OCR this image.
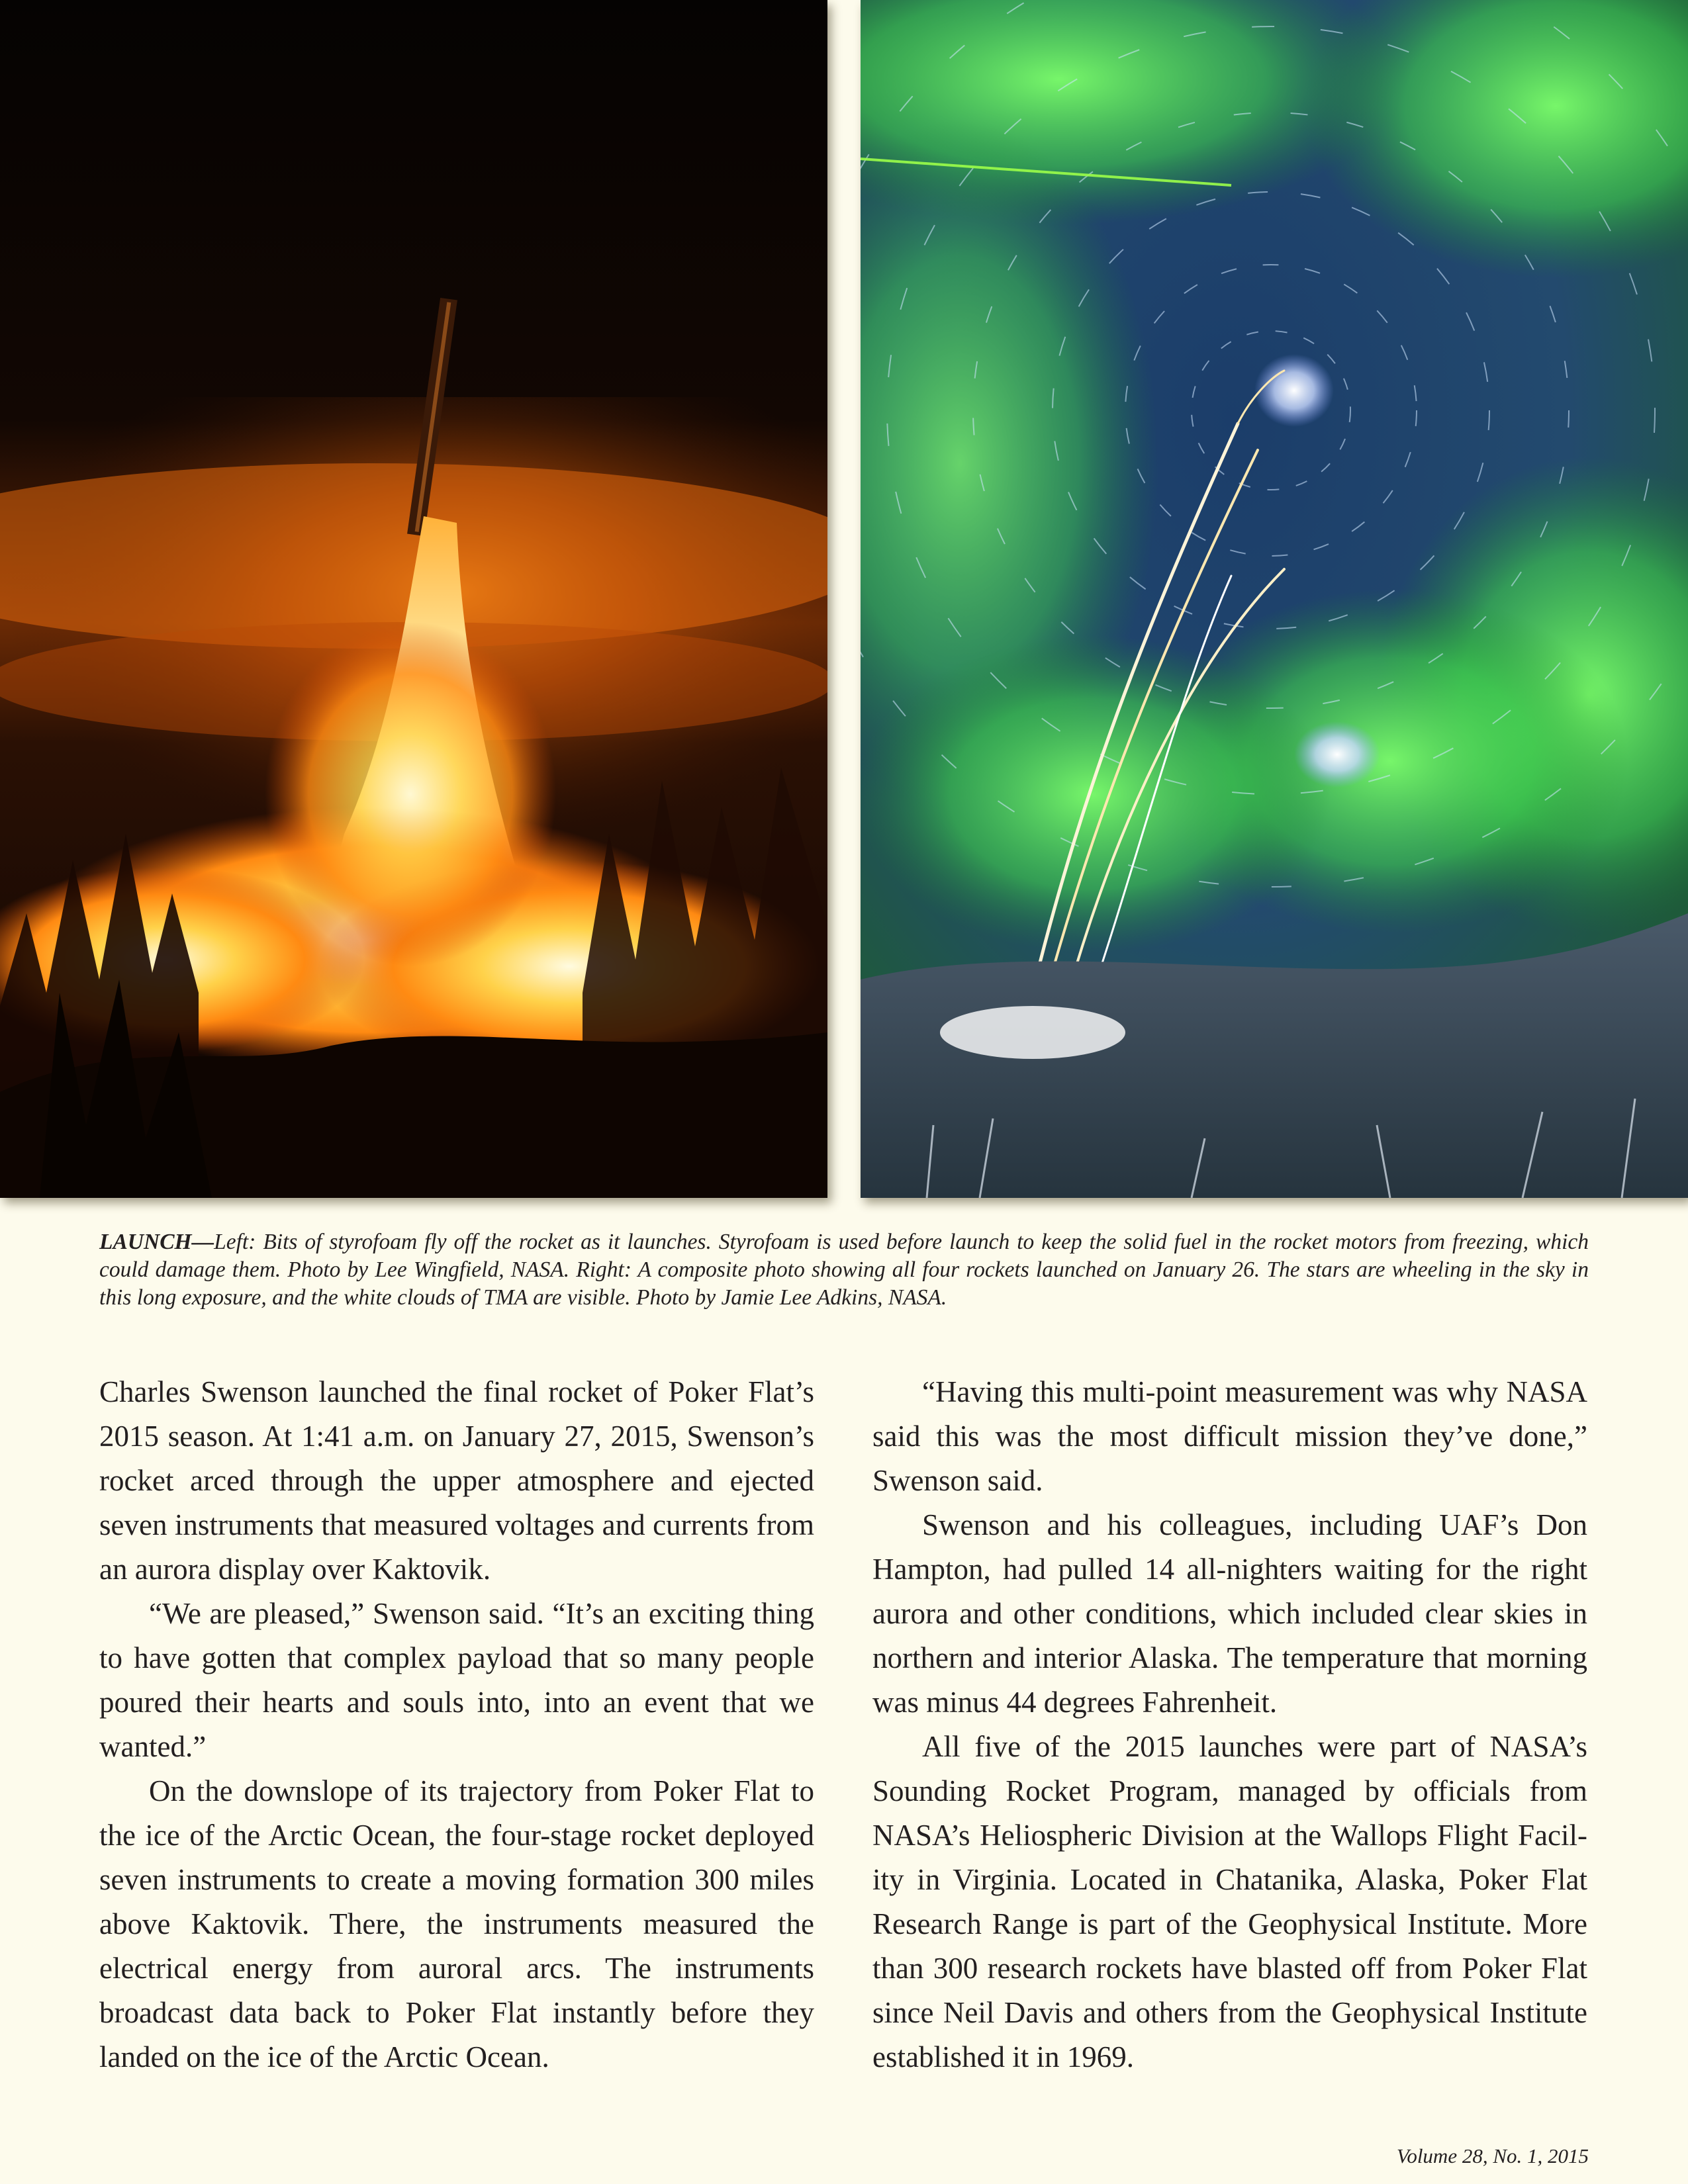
LAUNCH—Left: Bits of styrofoam fly off the rocket as it launches. Styrofoam is used before launch to keep the solid fuel in the rocket motors from freezing, which could damage them. Photo by Lee Wingfield, NASA. Right: A composite photo showing all four rockets launched on January 26. The stars are wheeling in the sky in this long exposure, and the white clouds of TMA are visible. Photo by Jamie Lee Adkins, NASA.

Charles Swenson launched the final rocket of Poker Flat’s 2015 season. At 1:41 a.m. on January 27, 2015, Swenson’s rocket arced through the upper atmosphere and ejected seven instruments that measured voltages and currents from an aurora display over Kaktovik.

“We are pleased,” Swenson said. “It’s an exciting thing to have gotten that complex payload that so many people poured their hearts and souls into, into an event that we wanted.”

On the downslope of its trajectory from Poker Flat to the ice of the Arctic Ocean, the four-stage rocket deployed seven instruments to create a moving formation 300 miles above Kaktovik. There, the instruments measured the electrical energy from auroral arcs. The instruments broadcast data back to Poker Flat instantly before they landed on the ice of the Arctic Ocean.

“Having this multi-point measurement was why NASA said this was the most difficult mission they’ve done,” Swenson said.

Swenson and his colleagues, including UAF’s Don Hampton, had pulled 14 all-nighters waiting for the right aurora and other conditions, which included clear skies in northern and interior Alaska. The temperature that morning was minus 44 degrees Fahrenheit.

All five of the 2015 launches were part of NASA’s Sounding Rocket Program, managed by officials from NASA’s Heliospheric Division at the Wallops Flight Facility in Virginia. Located in Chatanika, Alaska, Poker Flat Research Range is part of the Geophysical Institute. More than 300 research rockets have blasted off from Poker Flat since Neil Davis and others from the Geophysical Institute established it in 1969.

Volume 28, No. 1, 2015
